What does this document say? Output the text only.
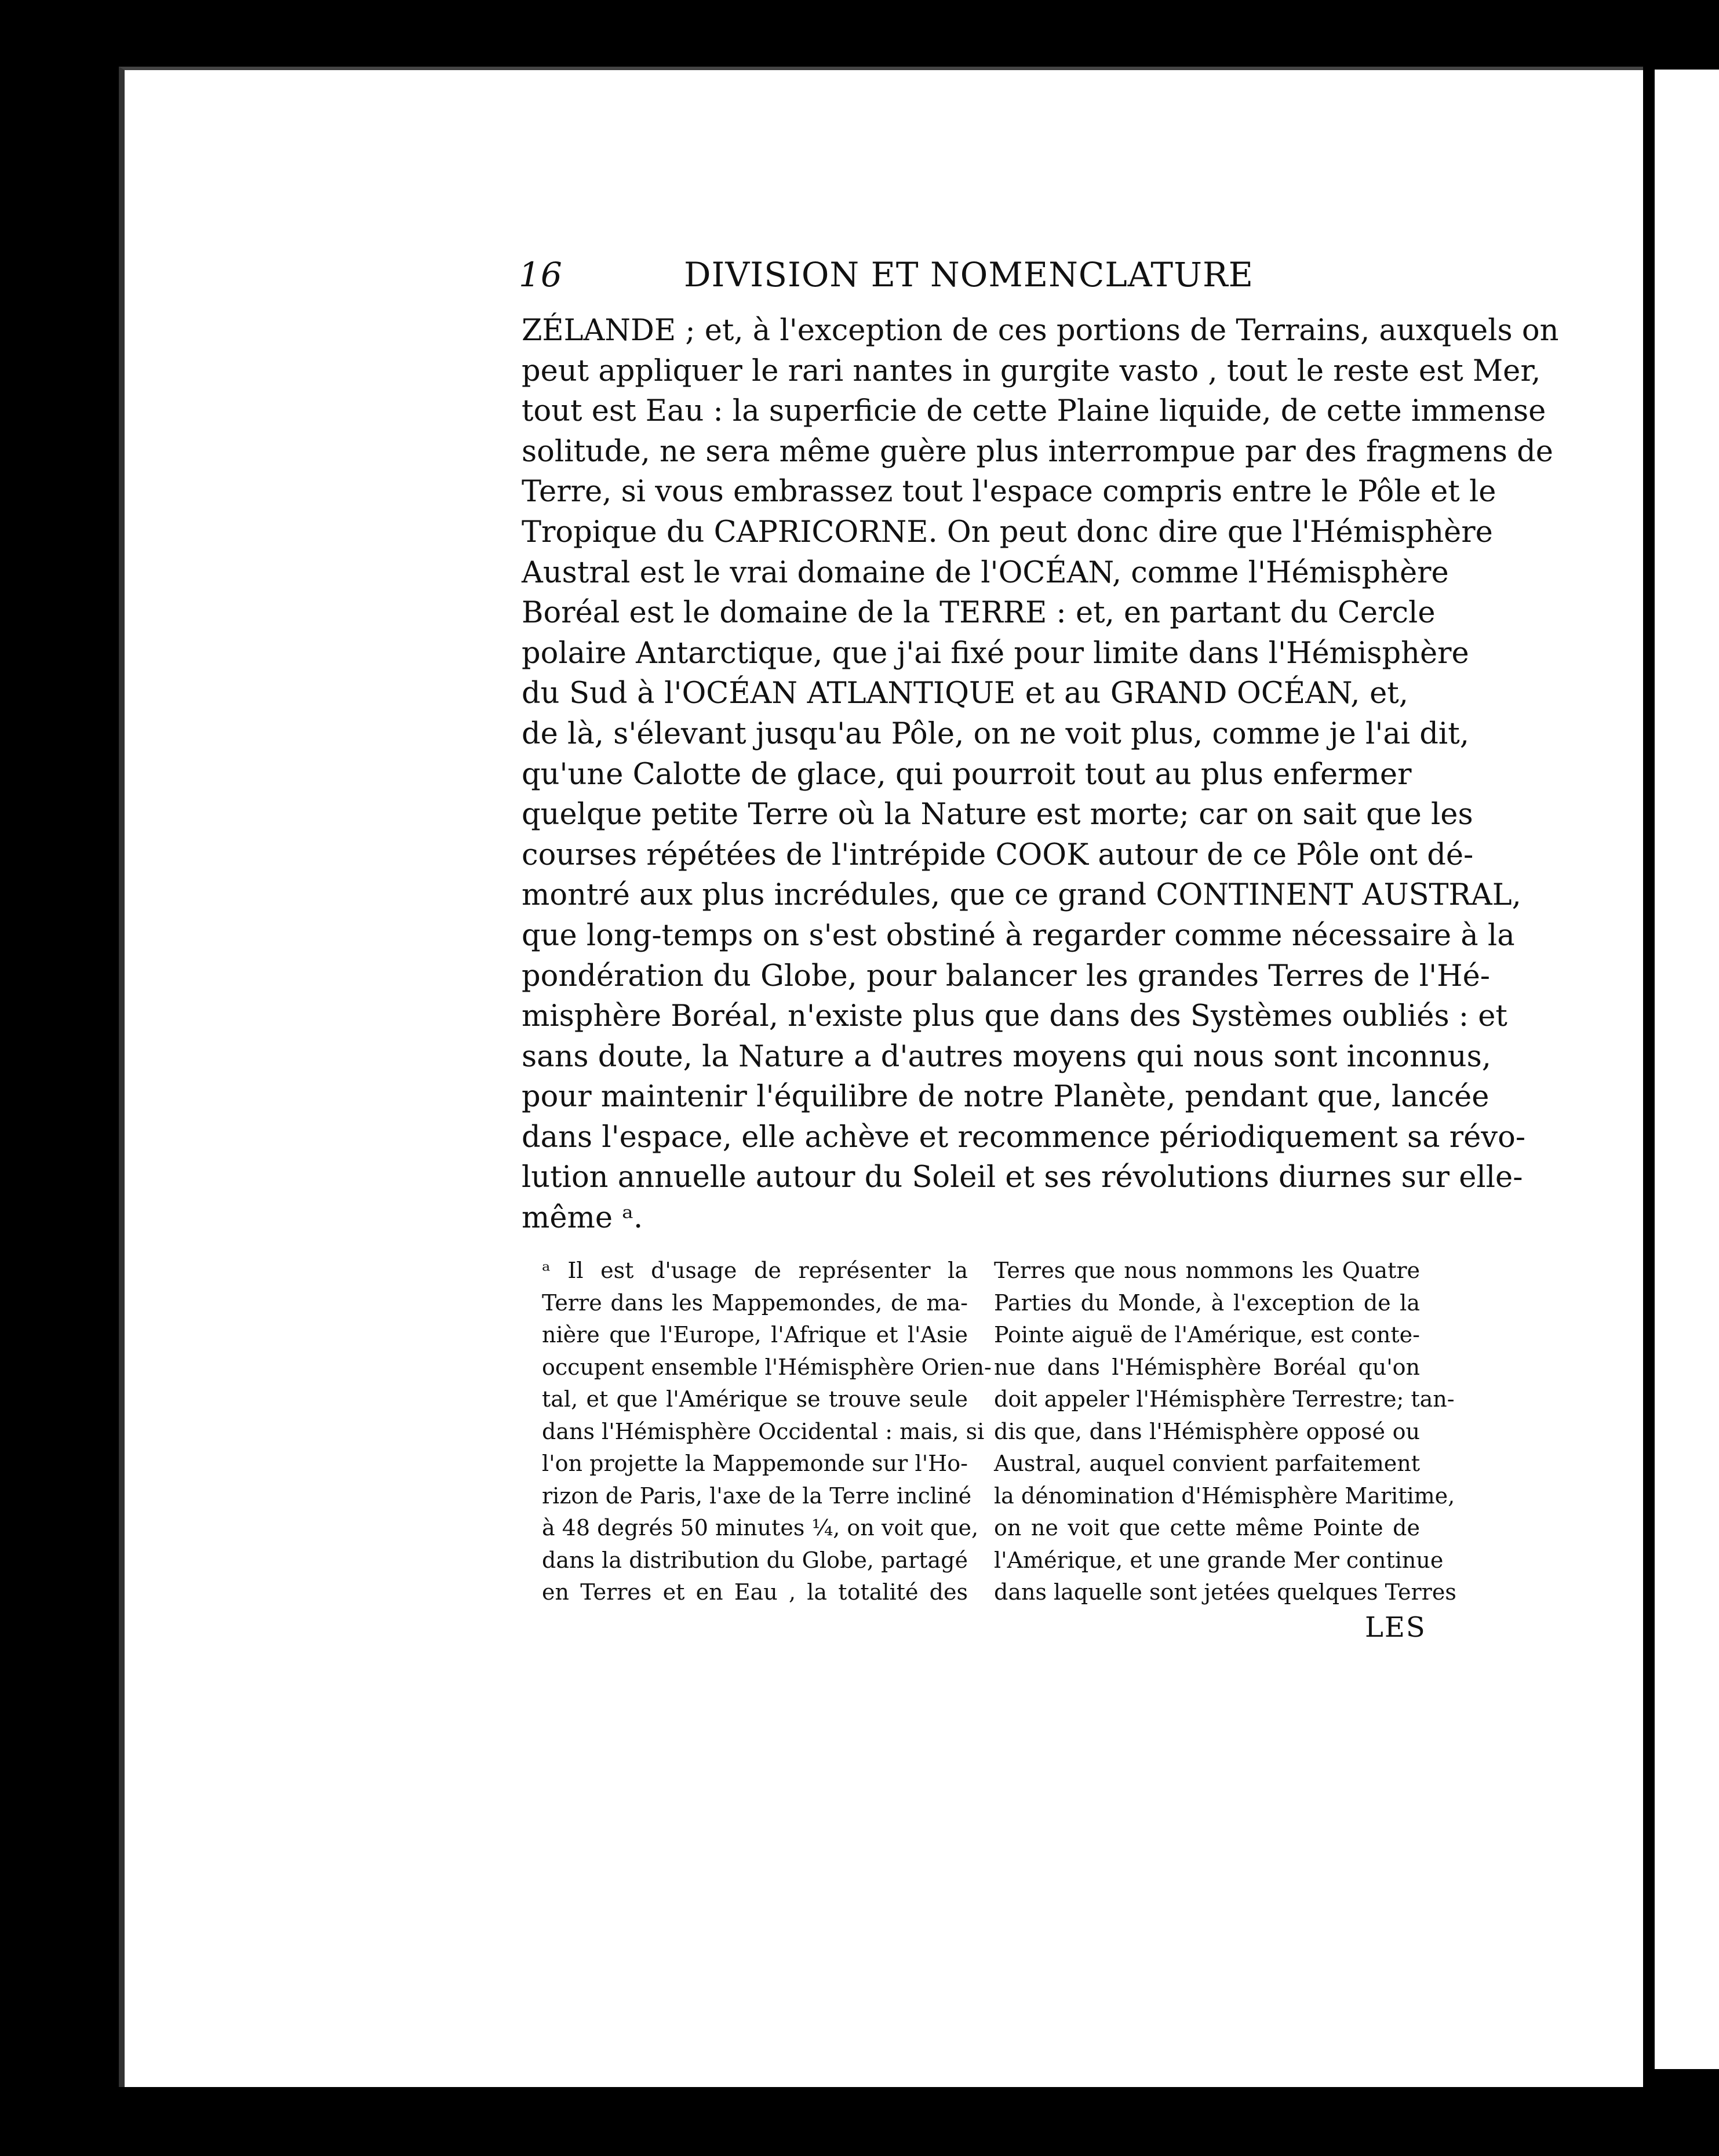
16	DIVISION ET NOMENCLATURE
ZÉLANDE ; et, à l'exception de ces portions de Terrains, auxquels on
peut appliquer le rari nantes in gurgite vasto , tout le reste est Mer,
tout est Eau : la superficie de cette Plaine liquide, de cette immense
solitude, ne sera même guère plus interrompue par des fragmens de
Terre, si vous embrassez tout l'espace compris entre le Pôle et le
Tropique du CAPRICORNE. On peut donc dire que l'Hémisphère
Austral est le vrai domaine de l'OCÉAN, comme l'Hémisphère
Boréal est le domaine de la TERRE : et, en partant du Cercle
polaire Antarctique, que j'ai fixé pour limite dans l'Hémisphère
du Sud à l'OCÉAN ATLANTIQUE et au GRAND OCÉAN, et,
de là, s'élevant jusqu'au Pôle, on ne voit plus, comme je l'ai dit,
qu'une Calotte de glace, qui pourroit tout au plus enfermer
quelque petite Terre où la Nature est morte; car on sait que les
courses répétées de l'intrépide COOK autour de ce Pôle ont dé-
montré aux plus incrédules, que ce grand CONTINENT AUSTRAL,
que long-temps on s'est obstiné à regarder comme nécessaire à la
pondération du Globe, pour balancer les grandes Terres de l'Hé-
misphère Boréal, n'existe plus que dans des Systèmes oubliés : et
sans doute, la Nature a d'autres moyens qui nous sont inconnus,
pour maintenir l'équilibre de notre Planète, pendant que, lancée
dans l'espace, elle achève et recommence périodiquement sa révo-
lution annuelle autour du Soleil et ses révolutions diurnes sur elle-
même ᵃ.
ᵃ Il est d'usage de représenter la
Terre dans les Mappemondes, de ma-
nière que l'Europe, l'Afrique et l'Asie
occupent ensemble l'Hémisphère Orien-
tal, et que l'Amérique se trouve seule
dans l'Hémisphère Occidental : mais, si
l'on projette la Mappemonde sur l'Ho-
rizon de Paris, l'axe de la Terre incliné
à 48 degrés 50 minutes ¼, on voit que,
dans la distribution du Globe, partagé
en Terres et en Eau , la totalité des
Terres que nous nommons les Quatre
Parties du Monde, à l'exception de la
Pointe aiguë de l'Amérique, est conte-
nue dans l'Hémisphère Boréal qu'on
doit appeler l'Hémisphère Terrestre; tan-
dis que, dans l'Hémisphère opposé ou
Austral, auquel convient parfaitement
la dénomination d'Hémisphère Maritime,
on ne voit que cette même Pointe de
l'Amérique, et une grande Mer continue
dans laquelle sont jetées quelques Terres
LES
